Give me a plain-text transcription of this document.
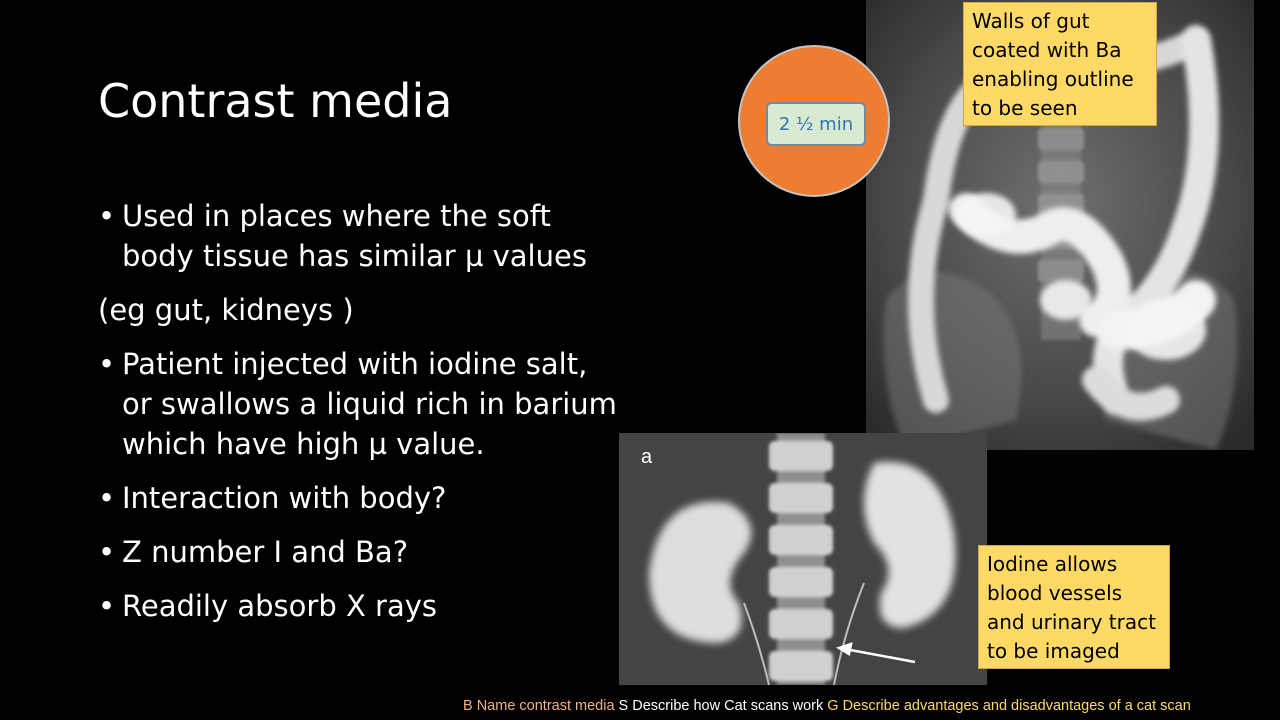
Contrast media
• Used in places where the soft body tissue has similar µ values
(eg gut, kidneys )
• Patient injected with iodine salt, or swallows a liquid rich in barium which have high µ value.
• Interaction with body?
• Z number I and Ba?
• Readily absorb X rays
a
2 ½ min
Walls of gut coated with Ba enabling outline to be seen
Iodine allows blood vessels and urinary tract to be imaged
B Name contrast media S Describe how Cat scans work G Describe advantages and disadvantages of a cat scan
